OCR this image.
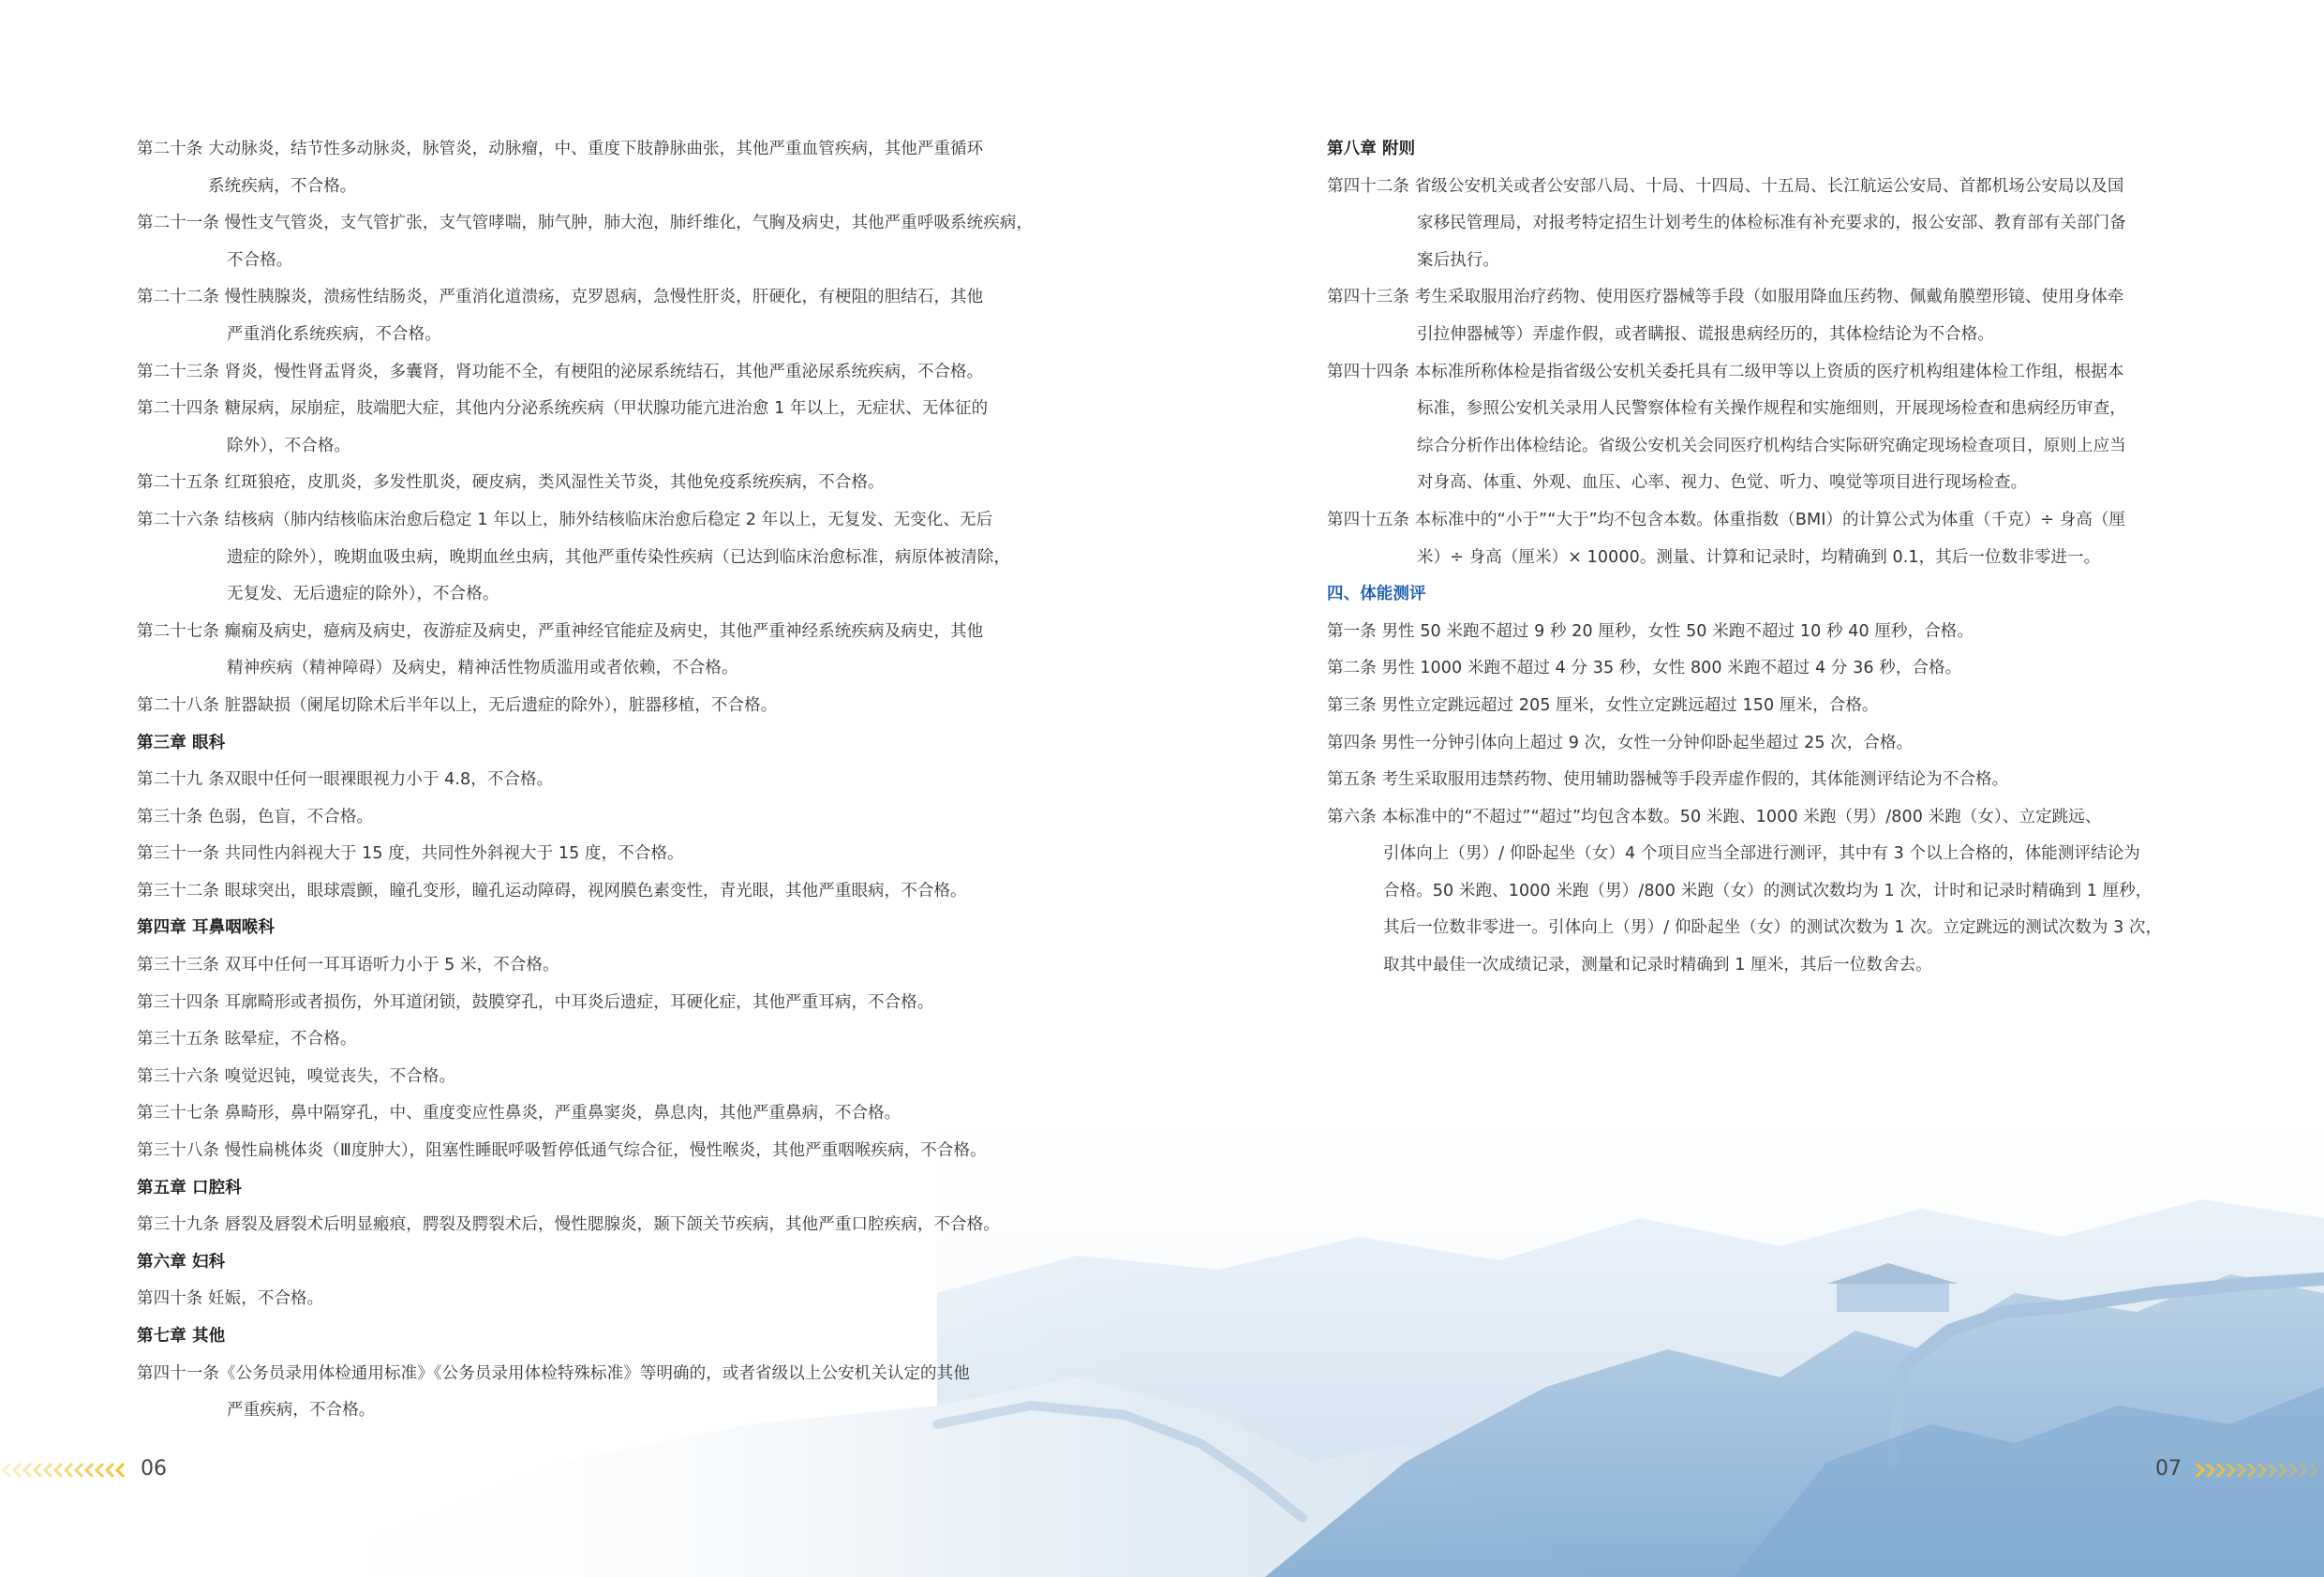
第二十条 大动脉炎，结节性多动脉炎，脉管炎，动脉瘤，中、重度下肢静脉曲张，其他严重血管疾病，其他严重循环
系统疾病，不合格。
第二十一条 慢性支气管炎，支气管扩张，支气管哮喘，肺气肿，肺大泡，肺纤维化，气胸及病史，其他严重呼吸系统疾病，
不合格。
第二十二条 慢性胰腺炎，溃疡性结肠炎，严重消化道溃疡，克罗恩病，急慢性肝炎，肝硬化，有梗阻的胆结石，其他
严重消化系统疾病，不合格。
第二十三条 肾炎，慢性肾盂肾炎，多囊肾，肾功能不全，有梗阻的泌尿系统结石，其他严重泌尿系统疾病，不合格。
第二十四条 糖尿病，尿崩症，肢端肥大症，其他内分泌系统疾病（甲状腺功能亢进治愈 1 年以上，无症状、无体征的
除外），不合格。
第二十五条 红斑狼疮，皮肌炎，多发性肌炎，硬皮病，类风湿性关节炎，其他免疫系统疾病，不合格。
第二十六条 结核病（肺内结核临床治愈后稳定 1 年以上，肺外结核临床治愈后稳定 2 年以上，无复发、无变化、无后
遗症的除外），晚期血吸虫病，晚期血丝虫病，其他严重传染性疾病（已达到临床治愈标准，病原体被清除，
无复发、无后遗症的除外），不合格。
第二十七条 癫痫及病史，癔病及病史，夜游症及病史，严重神经官能症及病史，其他严重神经系统疾病及病史，其他
精神疾病（精神障碍）及病史，精神活性物质滥用或者依赖，不合格。
第二十八条 脏器缺损（阑尾切除术后半年以上，无后遗症的除外），脏器移植，不合格。
第三章 眼科
第二十九 条双眼中任何一眼裸眼视力小于 4.8，不合格。
第三十条 色弱，色盲，不合格。
第三十一条 共同性内斜视大于 15 度，共同性外斜视大于 15 度，不合格。
第三十二条 眼球突出，眼球震颤，瞳孔变形，瞳孔运动障碍，视网膜色素变性，青光眼，其他严重眼病，不合格。
第四章 耳鼻咽喉科
第三十三条 双耳中任何一耳耳语听力小于 5 米，不合格。
第三十四条 耳廓畸形或者损伤，外耳道闭锁，鼓膜穿孔，中耳炎后遗症，耳硬化症，其他严重耳病，不合格。
第三十五条 眩晕症，不合格。
第三十六条 嗅觉迟钝，嗅觉丧失，不合格。
第三十七条 鼻畸形，鼻中隔穿孔，中、重度变应性鼻炎，严重鼻窦炎，鼻息肉，其他严重鼻病，不合格。
第三十八条 慢性扁桃体炎（Ⅲ度肿大），阻塞性睡眠呼吸暂停低通气综合征，慢性喉炎，其他严重咽喉疾病，不合格。
第五章 口腔科
第三十九条 唇裂及唇裂术后明显瘢痕，腭裂及腭裂术后，慢性腮腺炎，颞下颌关节疾病，其他严重口腔疾病，不合格。
第六章 妇科
第四十条 妊娠，不合格。
第七章 其他
第四十一条《公务员录用体检通用标准》《公务员录用体检特殊标准》等明确的，或者省级以上公安机关认定的其他
严重疾病，不合格。
第八章 附则
第四十二条 省级公安机关或者公安部八局、十局、十四局、十五局、长江航运公安局、首都机场公安局以及国
家移民管理局，对报考特定招生计划考生的体检标准有补充要求的，报公安部、教育部有关部门备
案后执行。
第四十三条 考生采取服用治疗药物、使用医疗器械等手段（如服用降血压药物、佩戴角膜塑形镜、使用身体牵
引拉伸器械等）弄虚作假，或者瞒报、谎报患病经历的，其体检结论为不合格。
第四十四条 本标准所称体检是指省级公安机关委托具有二级甲等以上资质的医疗机构组建体检工作组，根据本
标准，参照公安机关录用人民警察体检有关操作规程和实施细则，开展现场检查和患病经历审查，
综合分析作出体检结论。省级公安机关会同医疗机构结合实际研究确定现场检查项目，原则上应当
对身高、体重、外观、血压、心率、视力、色觉、听力、嗅觉等项目进行现场检查。
第四十五条 本标准中的“小于”“大于”均不包含本数。体重指数（BMI）的计算公式为体重（千克）÷ 身高（厘
米）÷ 身高（厘米）× 10000。测量、计算和记录时，均精确到 0.1，其后一位数非零进一。
四、体能测评
第一条 男性 50 米跑不超过 9 秒 20 厘秒，女性 50 米跑不超过 10 秒 40 厘秒，合格。
第二条 男性 1000 米跑不超过 4 分 35 秒，女性 800 米跑不超过 4 分 36 秒，合格。
第三条 男性立定跳远超过 205 厘米，女性立定跳远超过 150 厘米，合格。
第四条 男性一分钟引体向上超过 9 次，女性一分钟仰卧起坐超过 25 次，合格。
第五条 考生采取服用违禁药物、使用辅助器械等手段弄虚作假的，其体能测评结论为不合格。
第六条 本标准中的“不超过”“超过”均包含本数。50 米跑、1000 米跑（男）/800 米跑（女）、立定跳远、
引体向上（男）/ 仰卧起坐（女）4 个项目应当全部进行测评，其中有 3 个以上合格的，体能测评结论为
合格。50 米跑、1000 米跑（男）/800 米跑（女）的测试次数均为 1 次，计时和记录时精确到 1 厘秒，
其后一位数非零进一。引体向上（男）/ 仰卧起坐（女）的测试次数为 1 次。立定跳远的测试次数为 3 次，
取其中最佳一次成绩记录，测量和记录时精确到 1 厘米，其后一位数舍去。
06	07
